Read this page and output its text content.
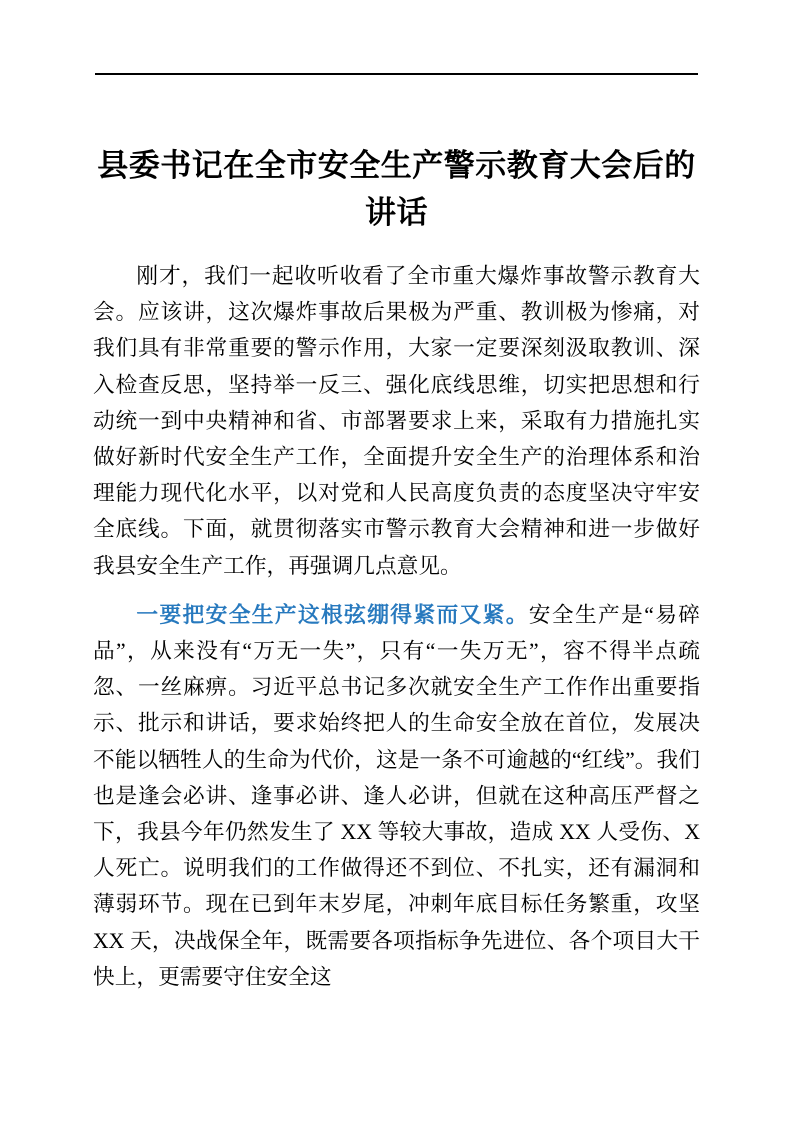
县委书记在全市安全生产警示教育大会后的讲话

刚才，我们一起收听收看了全市重大爆炸事故警示教育大会。应该讲，这次爆炸事故后果极为严重、教训极为惨痛，对我们具有非常重要的警示作用，大家一定要深刻汲取教训、深入检查反思，坚持举一反三、强化底线思维，切实把思想和行动统一到中央精神和省、市部署要求上来，采取有力措施扎实做好新时代安全生产工作，全面提升安全生产的治理体系和治理能力现代化水平，以对党和人民高度负责的态度坚决守牢安全底线。下面，就贯彻落实市警示教育大会精神和进一步做好我县安全生产工作，再强调几点意见。

一要把安全生产这根弦绷得紧而又紧。安全生产是“易碎品”，从来没有“万无一失”，只有“一失万无”，容不得半点疏忽、一丝麻痹。习近平总书记多次就安全生产工作作出重要指示、批示和讲话，要求始终把人的生命安全放在首位，发展决不能以牺牲人的生命为代价，这是一条不可逾越的“红线”。我们也是逢会必讲、逢事必讲、逢人必讲，但就在这种高压严督之下，我县今年仍然发生了 XX 等较大事故，造成 XX 人受伤、X 人死亡。说明我们的工作做得还不到位、不扎实，还有漏洞和薄弱环节。现在已到年末岁尾，冲刺年底目标任务繁重，攻坚 XX 天，决战保全年，既需要各项指标争先进位、各个项目大干快上，更需要守住安全这
